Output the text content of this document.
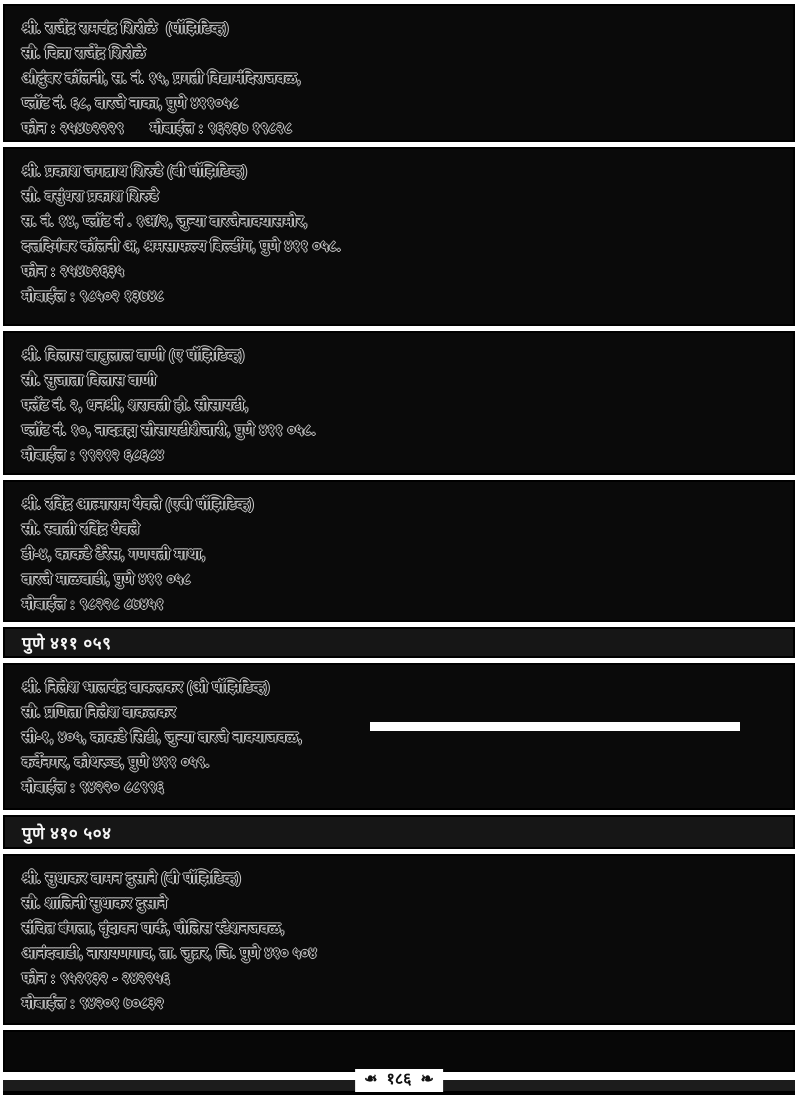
श्री. राजेंद्र रामचंद्र शिरोळे  (पॉझिटिव्ह)
सौ. चित्रा राजेंद्र शिरोळे
औदुंबर कॉलनी, स. नं. १५, प्रगती विद्यामंदिराजवळ,
प्लॉट नं. ६८, वारजे नाका, पुणे ४११०५८
फोन : २५४७२२२९      मोबाईल : ९६२३७ १९८२८
श्री. प्रकाश जगन्नाथ शिरुडे (बी पॉझिटिव्ह)
सौ. वसुंधरा प्रकाश शिरुडे
स. नं. १४, प्लॉट नं . १अ/२, जुन्या वारजेनाक्यासमोर,
दत्तदिगंबर कॉलनी अ, श्रमसाफल्य बिल्डींग, पुणे ४११ ०५८.
फोन : २५४७२६३५
मोबाईल : ९८५०२ १३७४८
श्री. विलास बाबुलाल वाणी (ए पॉझिटिव्ह)
सौ. सुजाता विलास वाणी
फ्लॅट नं. २, धनश्री, शरावती हौ. सोसायटी,
प्लॉट नं. १०, नादब्रह्म सोसायटीशेजारी, पुणे ४११ ०५८.
मोबाईल : ९९२१२ ६८६८४
श्री. रविंद्र आत्माराम येवले (एबी पॉझिटिव्ह)
सौ. स्वाती रविंद्र येवले
डी-४, काकडे टेरेस, गणपती माथा,
वारजे माळवाडी, पुणे ४११ ०५८
मोबाईल : ९८२२८ ८७४५१
पुणे ४११ ०५९
श्री. निलेश भालचंद्र वाकलकर (ओ पॉझिटिव्ह)
सौ. प्रणिता निलेश वाकलकर
सी-१, ४०५, काकडे सिटी, जुन्या वारजे नाक्याजवळ,
कर्वेनगर, कोथरूड, पुणे ४११ ०५९.
मोबाईल : ९४२२० ८८९९६
पुणे ४१० ५०४
श्री. सुधाकर वामन दुसाने (बी पॉझिटिव्ह)
सौ. शालिनी सुधाकर दुसाने
संचित बंगला, वृंदावन पार्क, पोलिस स्टेशनजवळ,
आनंदवाडी, नारायणगाव, ता. जुन्नर, जि. पुणे ४१० ५०४
फोन : ९५२१३२ - २४२२५६
मोबाईल : ९४२०१ ७०८३२
❧ १८६ ❧
